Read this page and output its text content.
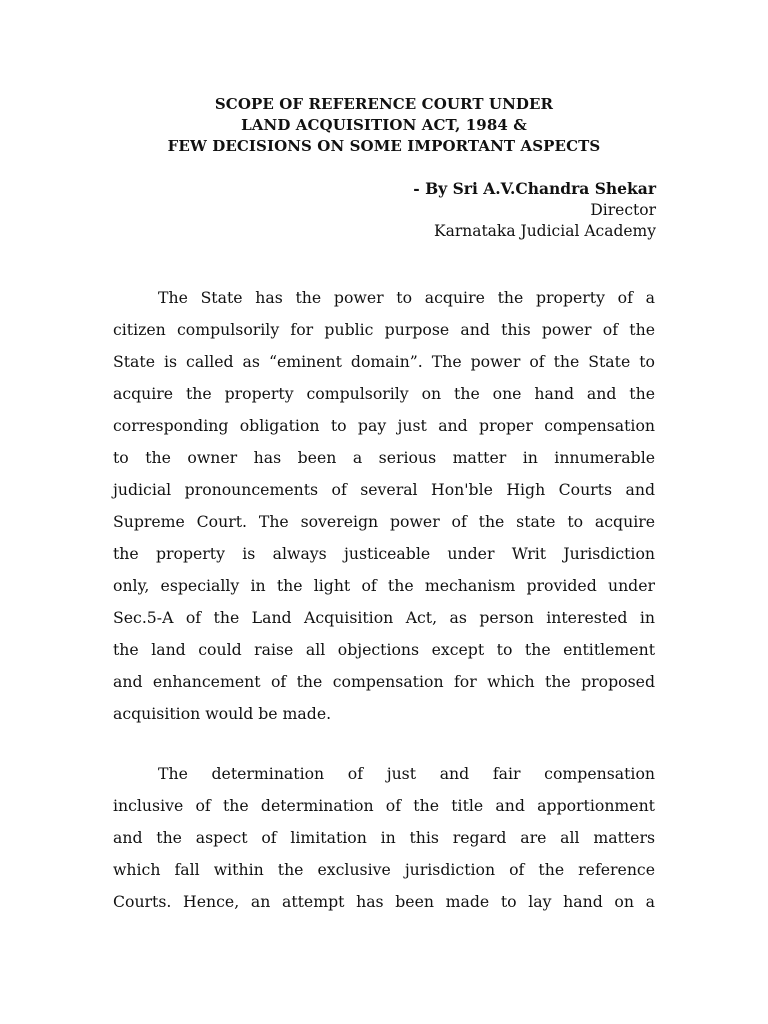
SCOPE OF REFERENCE COURT UNDER
LAND ACQUISITION ACT, 1984 &
FEW DECISIONS ON SOME IMPORTANT ASPECTS
- By Sri A.V.Chandra Shekar
Director
Karnataka Judicial Academy
The State has the power to acquire the property of a
citizen compulsorily for public purpose and this power of the
State is called as “eminent domain”. The power of the State to
acquire the property compulsorily on the one hand and the
corresponding obligation to pay just and proper compensation
to the owner has been a serious matter in innumerable
judicial pronouncements of several Hon'ble High Courts and
Supreme Court. The sovereign power of the state to acquire
the property is always justiceable under Writ Jurisdiction
only, especially in the light of the mechanism provided under
Sec.5-A of the Land Acquisition Act, as person interested in
the land could raise all objections except to the entitlement
and enhancement of the compensation for which the proposed
acquisition would be made.
The determination of just and fair compensation
inclusive of the determination of the title and apportionment
and the aspect of limitation in this regard are all matters
which fall within the exclusive jurisdiction of the reference
Courts. Hence, an attempt has been made to lay hand on a
